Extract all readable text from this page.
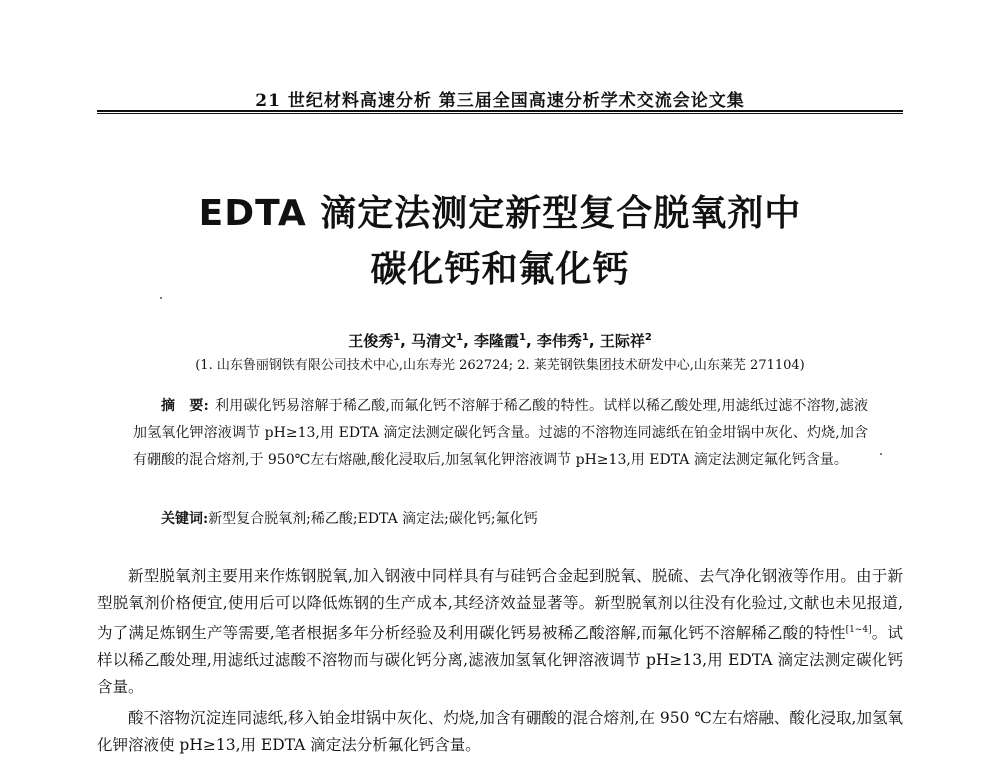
21 世纪材料高速分析 第三届全国高速分析学术交流会论文集
EDTA 滴定法测定新型复合脱氧剂中
碳化钙和氟化钙
王俊秀$^1$, 马清文$^1$, 李隆霞$^1$, 李伟秀$^1$, 王际祥$^2$
(1. 山东鲁丽钢铁有限公司技术中心,山东寿光 262724; 2. 莱芜钢铁集团技术研发中心,山东莱芜 271104)
摘　要: 利用碳化钙易溶解于稀乙酸,而氟化钙不溶解于稀乙酸的特性。试样以稀乙酸处理,用滤纸过滤不溶物,滤液加氢氧化钾溶液调节 pH≥13,用 EDTA 滴定法测定碳化钙含量。过滤的不溶物连同滤纸在铂金坩锅中灰化、灼烧,加含有硼酸的混合熔剂,于 950℃左右熔融,酸化浸取后,加氢氧化钾溶液调节 pH≥13,用 EDTA 滴定法测定氟化钙含量。
关键词:新型复合脱氧剂;稀乙酸;EDTA 滴定法;碳化钙;氟化钙

新型脱氧剂主要用来作炼钢脱氧,加入钢液中同样具有与硅钙合金起到脱氧、脱硫、去气净化钢液等作用。由于新型脱氧剂价格便宜,使用后可以降低炼钢的生产成本,其经济效益显著等。新型脱氧剂以往没有化验过,文献也未见报道,为了满足炼钢生产等需要,笔者根据多年分析经验及利用碳化钙易被稀乙酸溶解,而氟化钙不溶解稀乙酸的特性[1~4]。试样以稀乙酸处理,用滤纸过滤酸不溶物而与碳化钙分离,滤液加氢氧化钾溶液调节 pH≥13,用 EDTA 滴定法测定碳化钙含量。

酸不溶物沉淀连同滤纸,移入铂金坩锅中灰化、灼烧,加含有硼酸的混合熔剂,在 950 ℃左右熔融、酸化浸取,加氢氧化钾溶液使 pH≥13,用 EDTA 滴定法分析氟化钙含量。
